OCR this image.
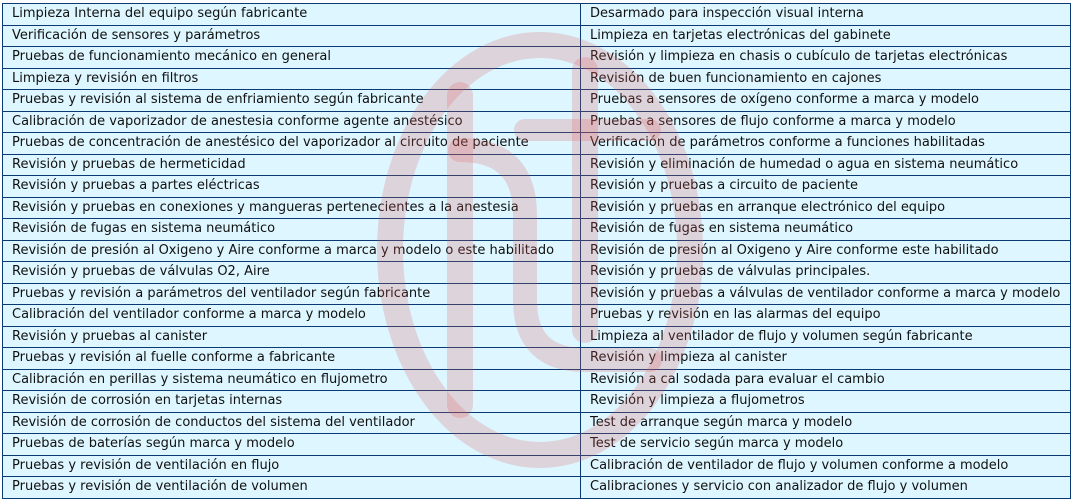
Limpieza Interna del equipo según fabricante	Desarmado para inspección visual interna
Verificación de sensores y parámetros	Limpieza en tarjetas electrónicas del gabinete
Pruebas de funcionamiento mecánico en general	Revisión y limpieza en chasis o cubículo de tarjetas electrónicas
Limpieza y revisión en filtros	Revisión de buen funcionamiento en cajones
Pruebas y revisión al sistema de enfriamiento según fabricante	Pruebas a sensores de oxígeno conforme a marca y modelo
Calibración de vaporizador de anestesia conforme agente anestésico	Pruebas a sensores de flujo conforme a marca y modelo
Pruebas de concentración de anestésico del vaporizador al circuito de paciente	Verificación de parámetros conforme a funciones habilitadas
Revisión y pruebas de hermeticidad	Revisión y eliminación de humedad o agua en sistema neumático
Revisión y pruebas a partes eléctricas	Revisión y pruebas a circuito de paciente
Revisión y pruebas en conexiones y mangueras pertenecientes a la anestesia	Revisión y pruebas en arranque electrónico del equipo
Revisión de fugas en sistema neumático	Revisión de fugas en sistema neumático
Revisión de presión al Oxigeno y Aire conforme a marca y modelo o este habilitado	Revisión de presión al Oxigeno y Aire conforme este habilitado
Revisión y pruebas de válvulas O2, Aire	Revisión y pruebas de válvulas principales.
Pruebas y revisión a parámetros del ventilador según fabricante	Revisión y pruebas a válvulas de ventilador conforme a marca y modelo
Calibración del ventilador conforme a marca y modelo	Pruebas y revisión en las alarmas del equipo
Revisión y pruebas al canister	Limpieza al ventilador de flujo y volumen según fabricante
Pruebas y revisión al fuelle conforme a fabricante	Revisión y limpieza al canister
Calibración en perillas y sistema neumático en flujometro	Revisión a cal sodada para evaluar el cambio
Revisión de corrosión en tarjetas internas	Revisión y limpieza a flujometros
Revisión de corrosión de conductos del sistema del ventilador	Test de arranque según marca y modelo
Pruebas de baterías según marca y modelo	Test de servicio según marca y modelo
Pruebas y revisión de ventilación en flujo	Calibración de ventilador de flujo y volumen conforme a modelo
Pruebas y revisión de ventilación de volumen	Calibraciones y servicio con analizador de flujo y volumen
